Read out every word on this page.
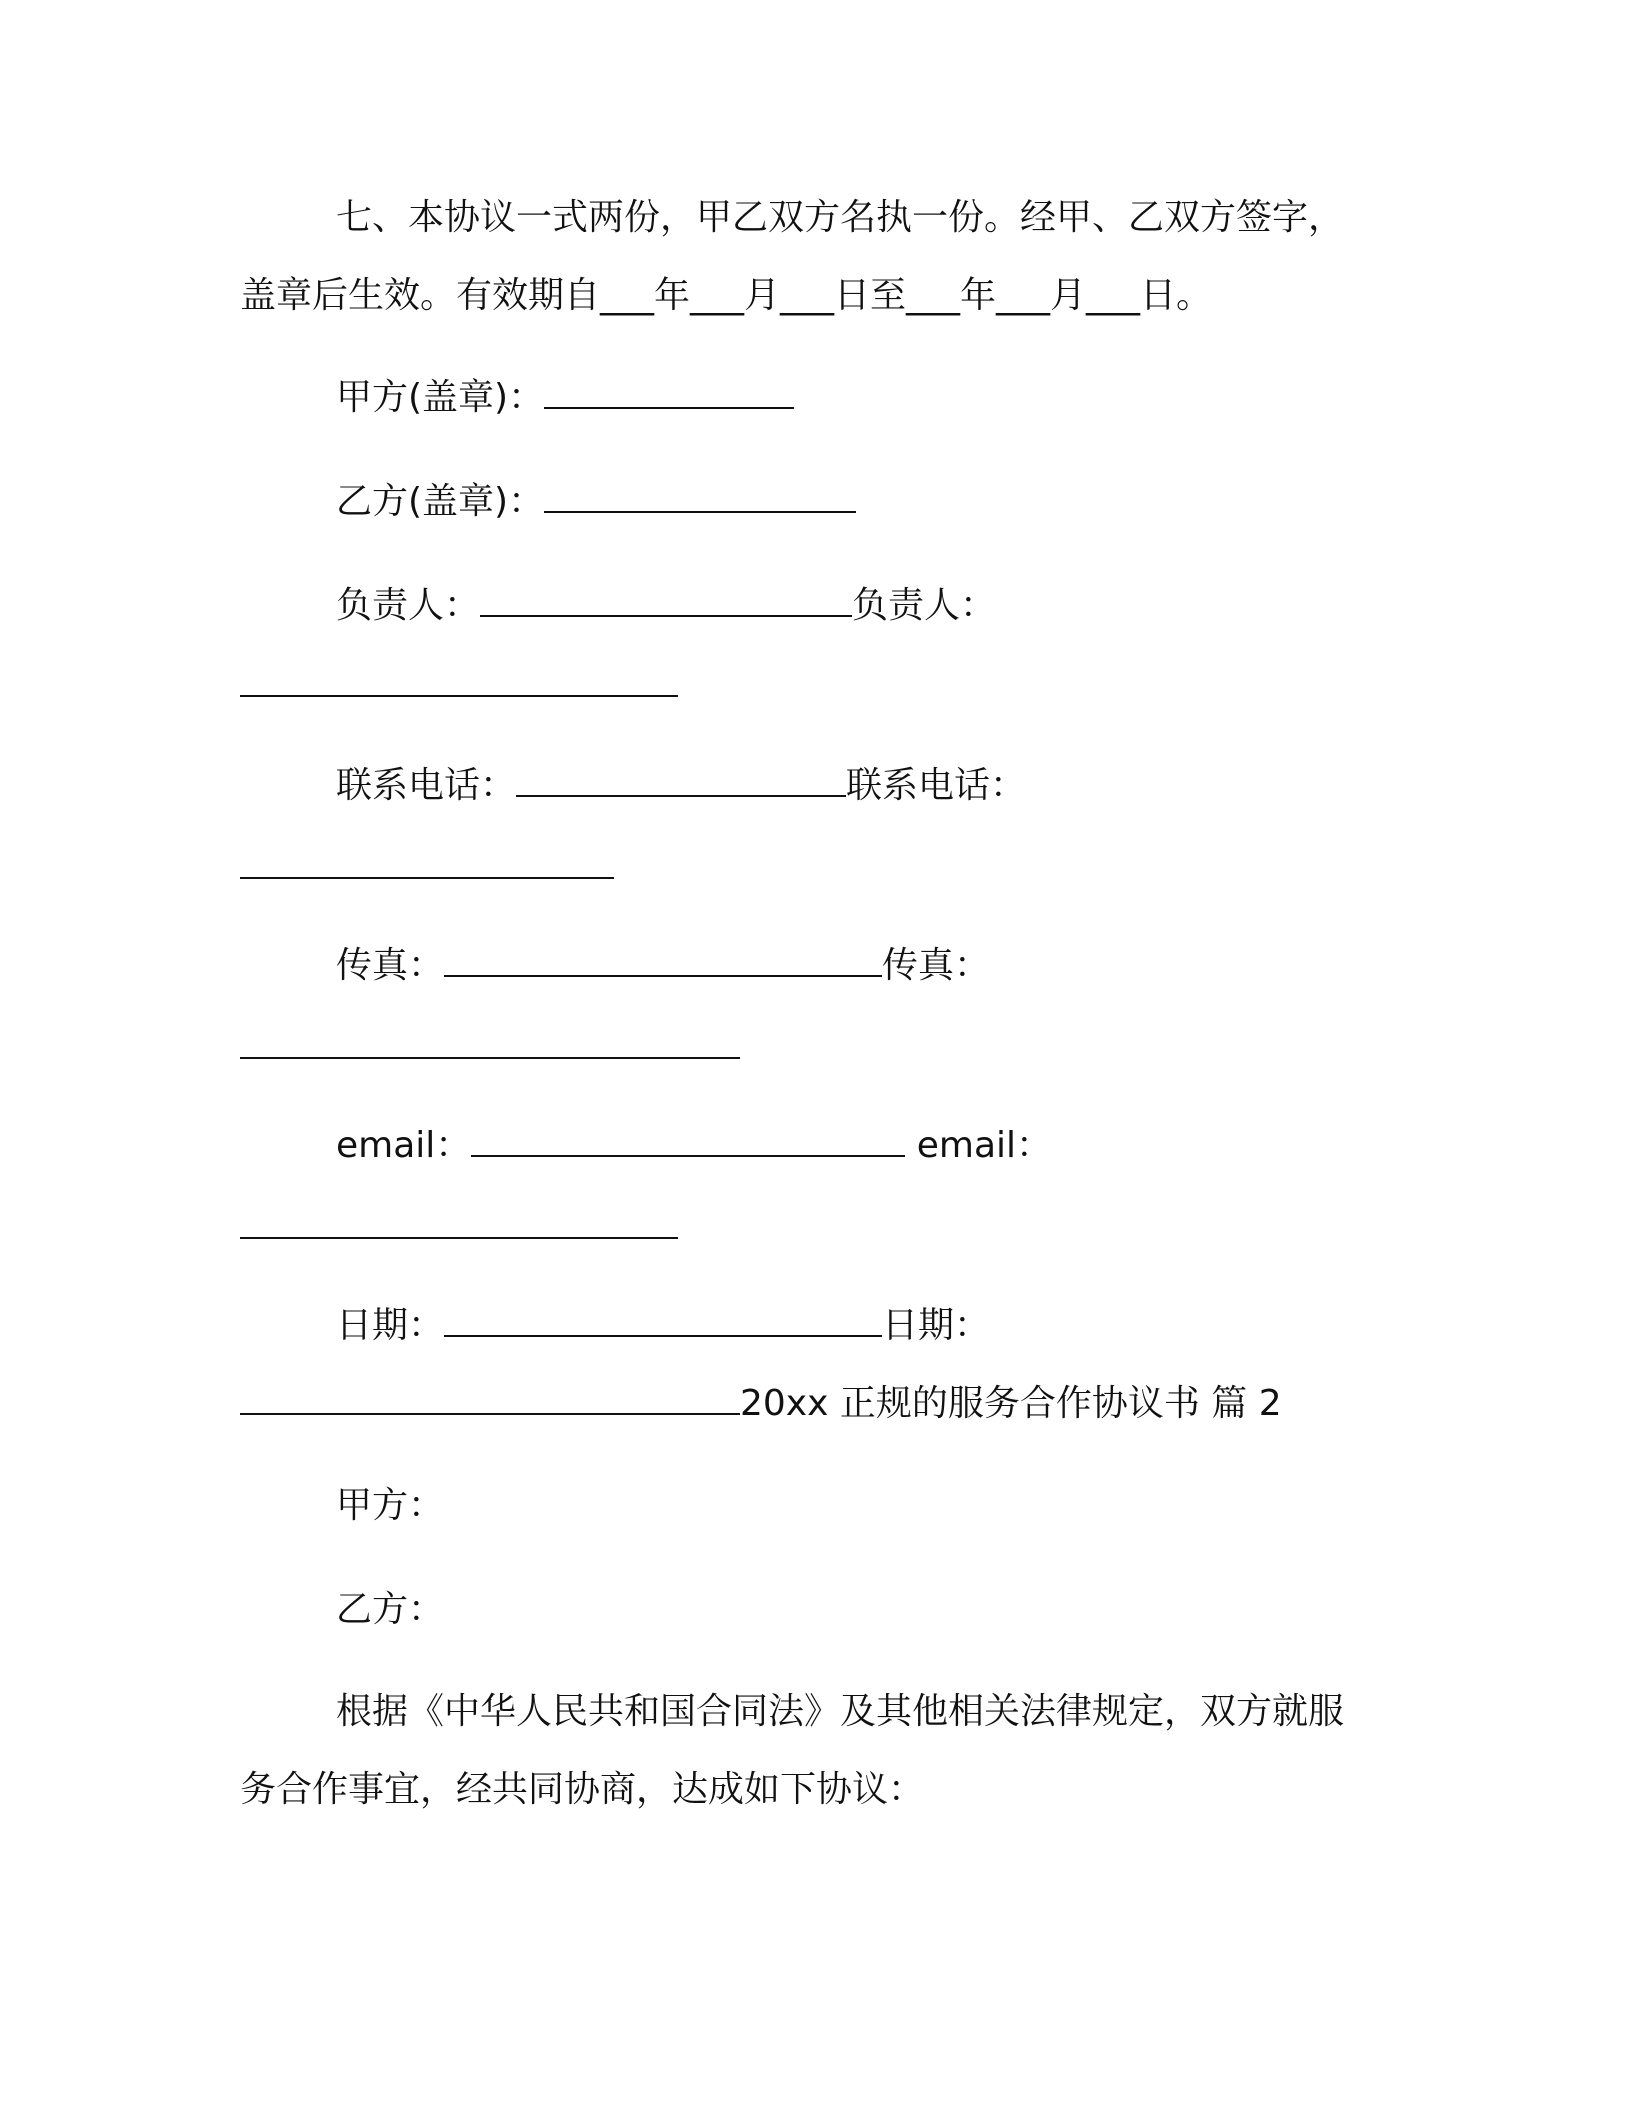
七、本协议一式两份，甲乙双方名执一份。经甲、乙双方签字，
盖章后生效。有效期自___年___月___日至___年___月___日。
甲方(盖章)：
乙方(盖章)：
负责人：	负责人：
联系电话：	联系电话：
传真：	传真：
email：	email：
日期：	日期：
20xx 正规的服务合作协议书 篇 2
甲方：
乙方：
根据《中华人民共和国合同法》及其他相关法律规定，双方就服
务合作事宜，经共同协商，达成如下协议：
